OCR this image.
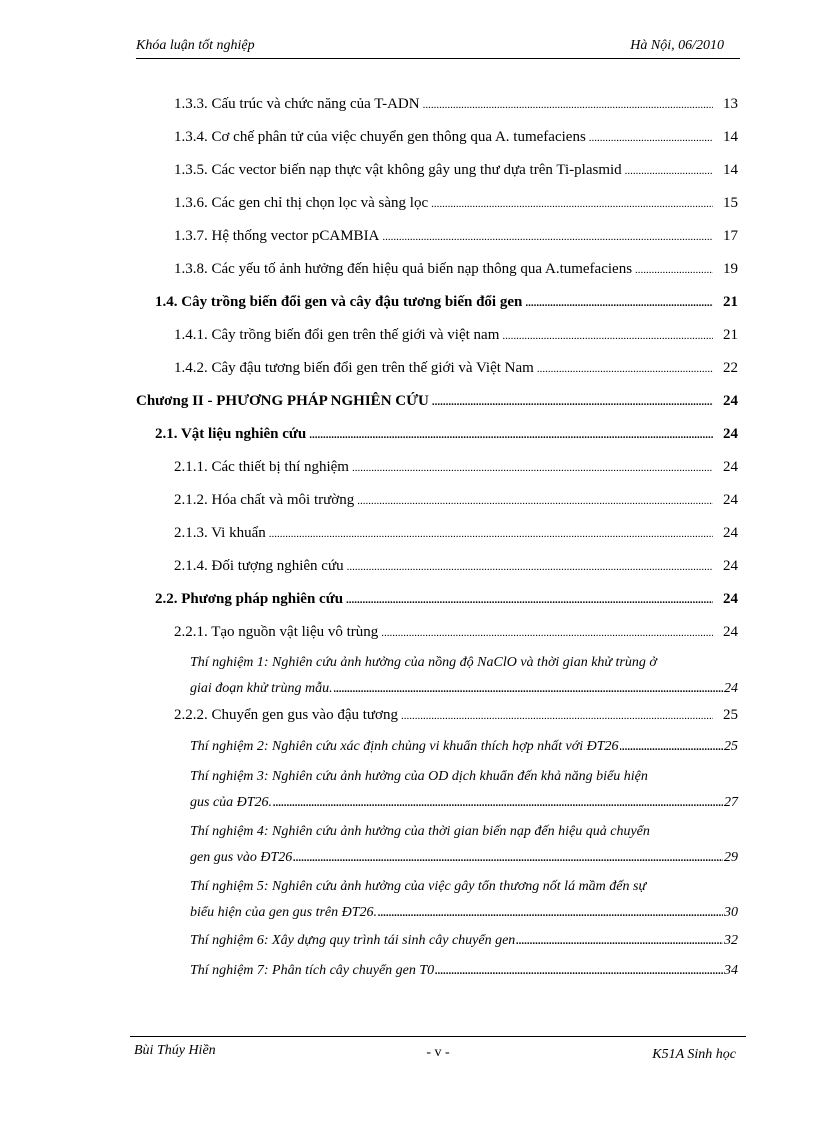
Khóa luận tốt nghiệp	Hà Nội, 06/2010
1.3.3. Cấu trúc và chức năng của T-ADN .....	13
1.3.4. Cơ chế phân tử của việc chuyển gen thông qua A. tumefaciens .....	14
1.3.5. Các vector biến nạp thực vật không gây ung thư dựa trên Ti-plasmid .....	14
1.3.6. Các gen chỉ thị chọn lọc và sàng lọc .....	15
1.3.7. Hệ thống vector pCAMBIA .....	17
1.3.8. Các yếu tố ảnh hưởng đến hiệu quả biến nạp thông qua A.tumefaciens .....	19
1.4. Cây trồng biến đổi gen và cây đậu tương biến đổi gen .....	21
1.4.1. Cây trồng biến đổi gen trên thế giới và việt nam .....	21
1.4.2. Cây đậu tương biến đổi gen trên thế giới và Việt Nam .....	22
Chương II - PHƯƠNG PHÁP NGHIÊN CỨU .....	24
2.1. Vật liệu nghiên cứu .....	24
2.1.1. Các thiết bị thí nghiệm .....	24
2.1.2. Hóa chất và môi trường .....	24
2.1.3. Vi khuẩn .....	24
2.1.4. Đối tượng nghiên cứu .....	24
2.2. Phương pháp nghiên cứu .....	24
2.2.1. Tạo nguồn vật liệu vô trùng .....	24
Thí nghiệm 1: Nghiên cứu ảnh hưởng của nồng độ NaClO và thời gian khử trùng ở
giai đoạn khử trùng mẫu. .....	24
2.2.2. Chuyển gen gus vào đậu tương .....	25
Thí nghiệm 2: Nghiên cứu xác định chủng vi khuẩn thích hợp nhất với ĐT26 .....	25
Thí nghiệm 3: Nghiên cứu ảnh hưởng của OD dịch khuẩn đến khả năng biểu hiện
gus của ĐT26. .....	27
Thí nghiệm 4: Nghiên cứu ảnh hưởng của thời gian biến nạp đến hiệu quả chuyển
gen gus vào ĐT26 .....	29
Thí nghiệm 5: Nghiên cứu ảnh hưởng của việc gây tổn thương nốt lá mầm đến sự
biểu hiện của gen gus trên ĐT26. .....	30
Thí nghiệm 6: Xây dựng quy trình tái sinh cây chuyển gen .....	32
Thí nghiệm 7: Phân tích cây chuyển gen T0 .....	34
Bùi Thúy Hiền	- v -	K51A Sinh học
